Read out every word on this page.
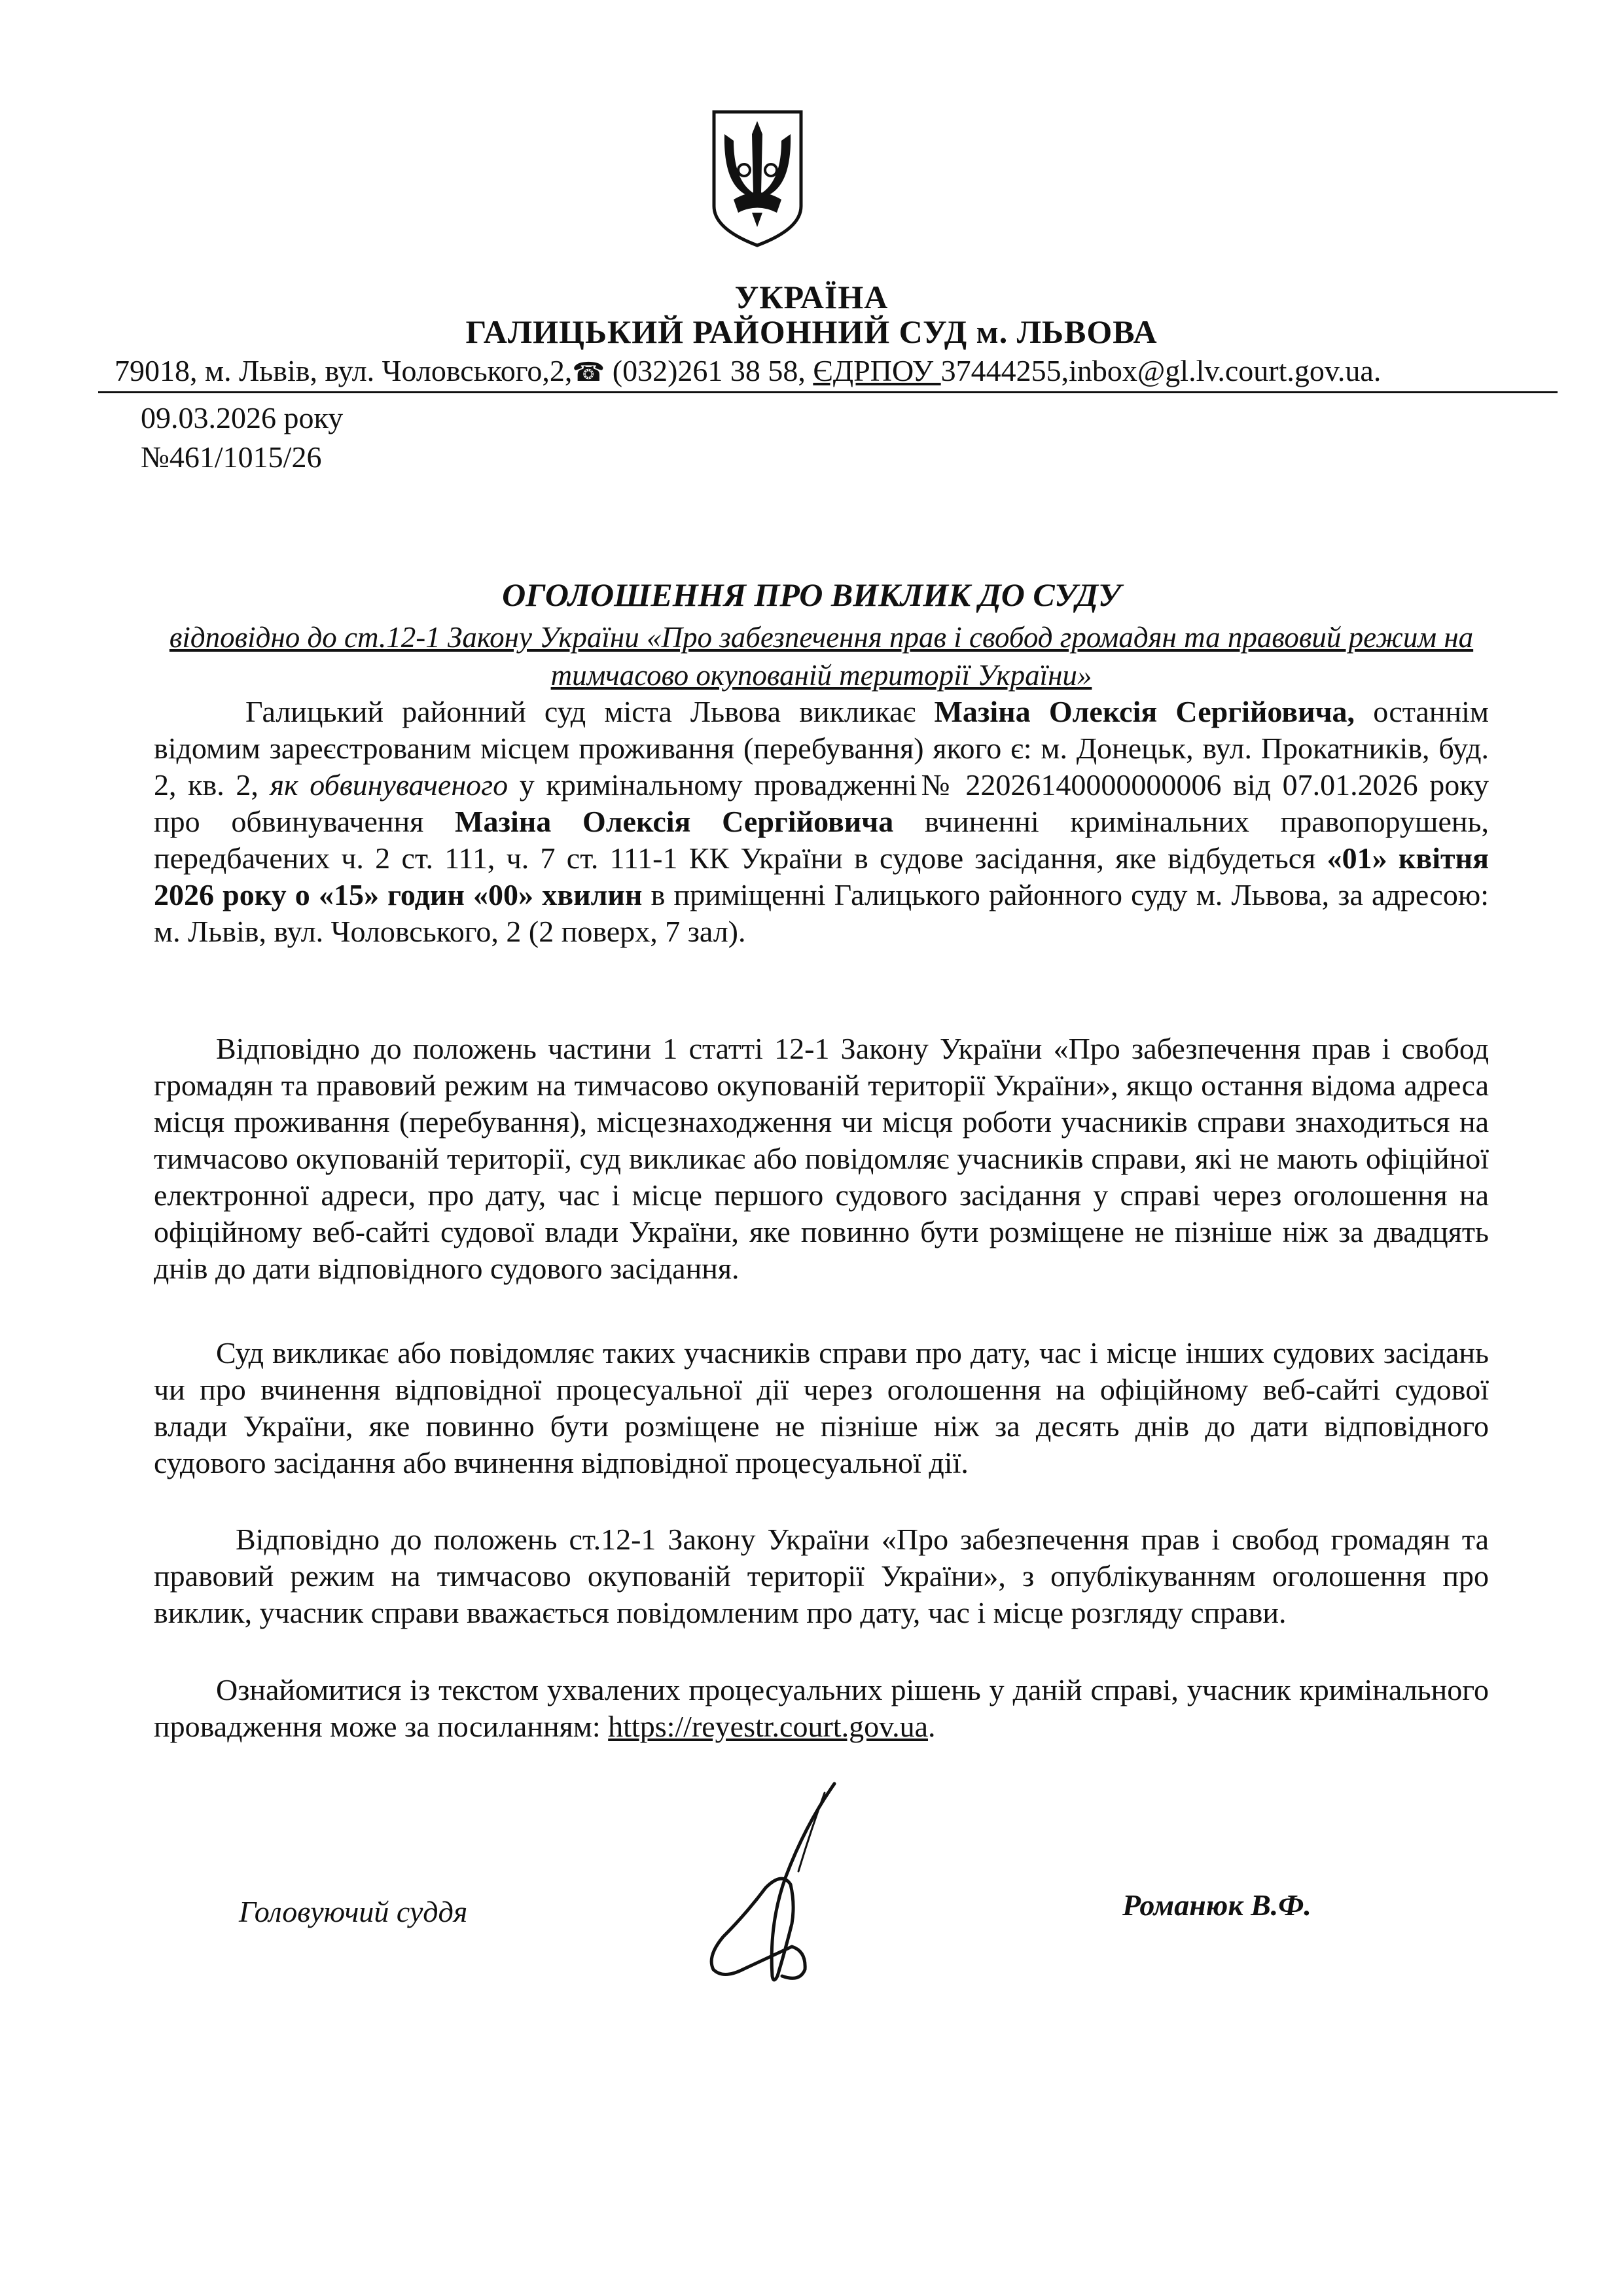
УКРАЇНА
ГАЛИЦЬКИЙ РАЙОННИЙ СУД м. ЛЬВОВА
79018, м. Львів, вул. Чоловського,2,☎ (032)261 38 58, ЄДРПОУ 37444255,inbox@gl.lv.court.gov.ua.
09.03.2026 року
№461/1015/26
ОГОЛОШЕННЯ ПРО ВИКЛИК ДО СУДУ
відповідно до ст.12-1 Закону України «Про забезпечення прав і свобод громадян та правовий режим на тимчасово окупованій території України»
Галицький районний суд міста Львова викликає Мазіна Олексія Сергійовича, останнім відомим зареєстрованим місцем проживання (перебування) якого є: м. Донецьк, вул. Прокатників, буд. 2, кв. 2, як обвинуваченого у кримінальному провадженні№ 22026140000000006 від 07.01.2026 року про обвинувачення Мазіна Олексія Сергійовича вчиненні кримінальних правопорушень, передбачених ч. 2 ст. 111, ч. 7 ст. 111-1 КК України в судове засідання, яке відбудеться «01» квітня 2026 року о «15» годин «00» хвилин в приміщенні Галицького районного суду м. Львова, за адресою: м. Львів, вул. Чоловського, 2 (2 поверх, 7 зал).
Відповідно до положень частини 1 статті 12-1 Закону України «Про забезпечення прав і свобод громадян та правовий режим на тимчасово окупованій території України», якщо остання відома адреса місця проживання (перебування), місцезнаходження чи місця роботи учасників справи знаходиться на тимчасово окупованій території, суд викликає або повідомляє учасників справи, які не мають офіційної електронної адреси, про дату, час і місце першого судового засідання у справі через оголошення на офіційному веб-сайті судової влади України, яке повинно бути розміщене не пізніше ніж за двадцять днів до дати відповідного судового засідання.
Суд викликає або повідомляє таких учасників справи про дату, час і місце інших судових засідань чи про вчинення відповідної процесуальної дії через оголошення на офіційному веб-сайті судової влади України, яке повинно бути розміщене не пізніше ніж за десять днів до дати відповідного судового засідання або вчинення відповідної процесуальної дії.
Відповідно до положень ст.12-1 Закону України «Про забезпечення прав і свобод громадян та правовий режим на тимчасово окупованій території України», з опублікуванням оголошення про виклик, учасник справи вважається повідомленим про дату, час і місце розгляду справи.
Ознайомитися із текстом ухвалених процесуальних рішень у даній справі, учасник кримінального провадження може за посиланням: https://reyestr.court.gov.ua.
Головуючий суддя	Романюк В.Ф.
